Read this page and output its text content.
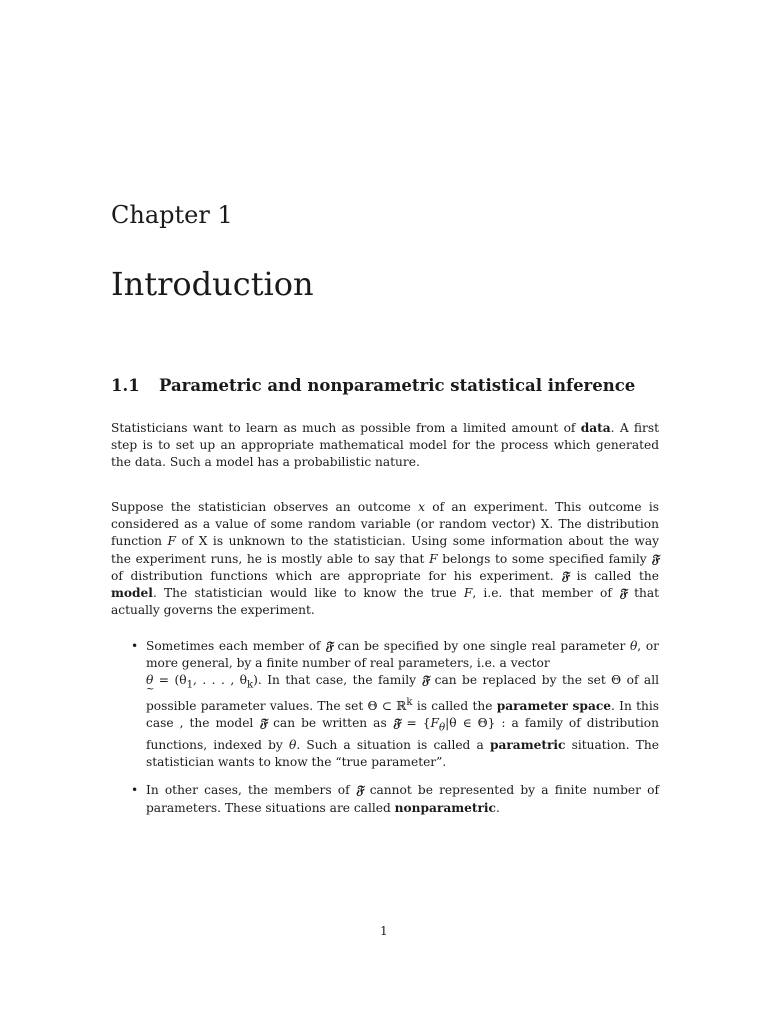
Chapter 1
Introduction
1.1 Parametric and nonparametric statistical inference

Statisticians want to learn as much as possible from a limited amount of data. A first step is to set up an appropriate mathematical model for the process which generated the data. Such a model has a probabilistic nature.

Suppose the statistician observes an outcome x of an experiment. This outcome is considered as a value of some random variable (or random vector) X. The distribution function F of X is unknown to the statistician. Using some information about the way the experiment runs, he is mostly able to say that F belongs to some specified family 𝔉 of distribution functions which are appropriate for his experiment. 𝔉 is called the model. The statistician would like to know the true F, i.e. that member of 𝔉 that actually governs the experiment.

• Sometimes each member of 𝔉 can be specified by one single real parameter θ, or more general, by a finite number of real parameters, i.e. a vector
θ ~ = ($\theta_1$, . . . , $\theta_k$). In that case, the family 𝔉 can be replaced by the set Θ of all possible parameter values. The set Θ ⊂ ℝ$^k$ is called the parameter space. In this case , the model 𝔉 can be written as 𝔉 = {$F_\theta|\theta$ ∈ Θ} : a family of distribution functions, indexed by θ. Such a situation is called a parametric situation. The statistician wants to know the “true parameter”.
• In other cases, the members of 𝔉 cannot be represented by a finite number of parameters. These situations are called nonparametric.
1
